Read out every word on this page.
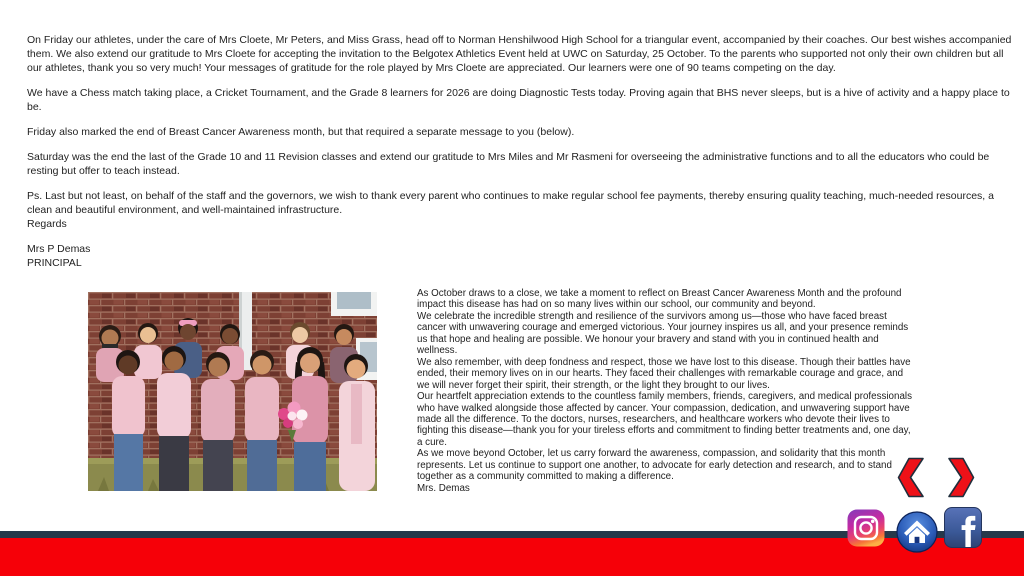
On Friday our athletes, under the care of Mrs Cloete, Mr Peters, and Miss Grass, head off to Norman Henshilwood High School for a triangular event, accompanied by their coaches. Our best wishes accompanied them. We also extend our gratitude to Mrs Cloete for accepting the invitation to the Belgotex Athletics Event held at UWC on Saturday, 25 October. To the parents who supported not only their own children but all our athletes, thank you so very much! Your messages of gratitude for the role played by Mrs Cloete are appreciated. Our learners were one of 90 teams competing on the day.

We have a Chess match taking place, a Cricket Tournament, and the Grade 8 learners for 2026 are doing Diagnostic Tests today. Proving again that BHS never sleeps, but is a hive of activity and a happy place to be.

Friday also marked the end of Breast Cancer Awareness month, but that required a separate message to you (below).

Saturday was the end the last of the Grade 10 and 11 Revision classes and extend our gratitude to Mrs Miles and Mr Rasmeni for overseeing the administrative functions and to all the educators who could be resting but offer to teach instead.

Ps. Last but not least, on behalf of the staff and the governors, we wish to thank every parent who continues to make regular school fee payments, thereby ensuring quality teaching, much-needed resources, a clean and beautiful environment, and well-maintained infrastructure.

Regards

Mrs P Demas

PRINCIPAL

As October draws to a close, we take a moment to reflect on Breast Cancer Awareness Month and the profound impact this disease has had on so many lives within our school, our community and beyond.

We celebrate the incredible strength and resilience of the survivors among us—those who have faced breast cancer with unwavering courage and emerged victorious. Your journey inspires us all, and your presence reminds us that hope and healing are possible. We honour your bravery and stand with you in continued health and wellness.

We also remember, with deep fondness and respect, those we have lost to this disease. Though their battles have ended, their memory lives on in our hearts. They faced their challenges with remarkable courage and grace, and we will never forget their spirit, their strength, or the light they brought to our lives.

Our heartfelt appreciation extends to the countless family members, friends, caregivers, and medical professionals who have walked alongside those affected by cancer. Your compassion, dedication, and unwavering support have made all the difference. To the doctors, nurses, researchers, and healthcare workers who devote their lives to fighting this disease—thank you for your tireless efforts and commitment to finding better treatments and, one day, a cure.

As we move beyond October, let us carry forward the awareness, compassion, and solidarity that this month represents. Let us continue to support one another, to advocate for early detection and research, and to stand together as a community committed to making a difference.

Mrs. Demas
